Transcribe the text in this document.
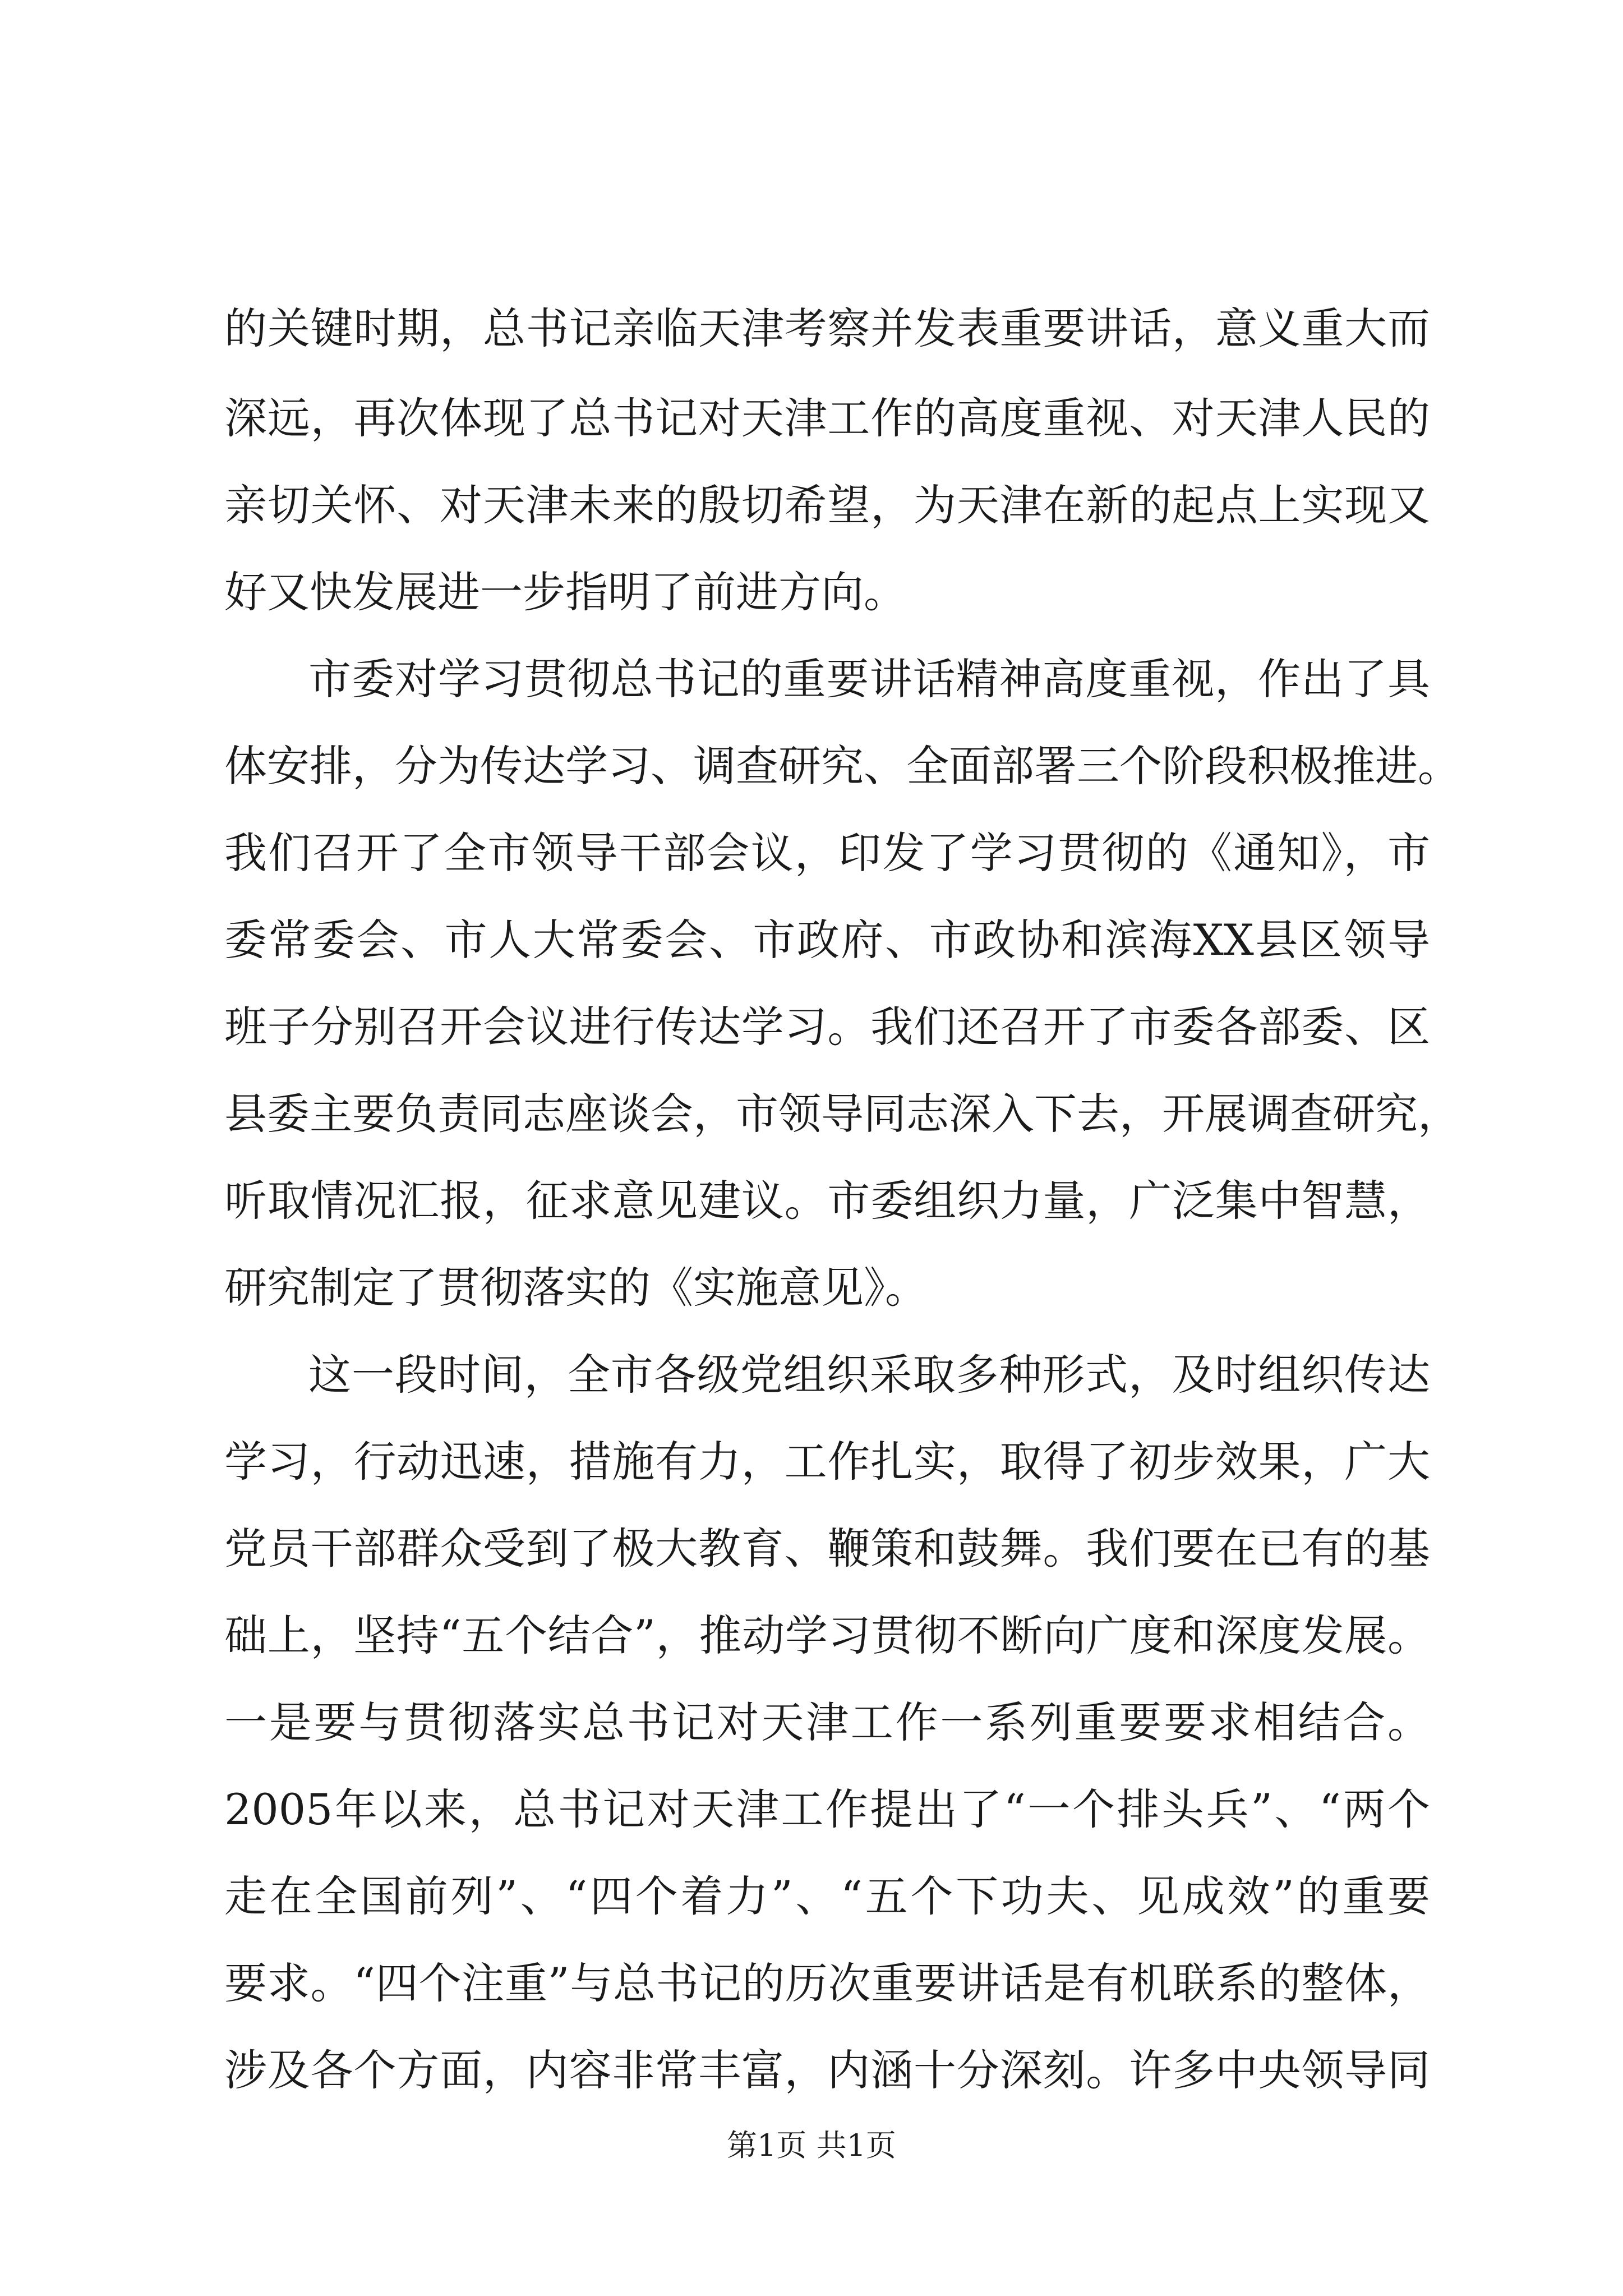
的关键时期，总书记亲临天津考察并发表重要讲话，意义重大而
深远，再次体现了总书记对天津工作的高度重视、对天津人民的
亲切关怀、对天津未来的殷切希望，为天津在新的起点上实现又
好又快发展进一步指明了前进方向。
市委对学习贯彻总书记的重要讲话精神高度重视，作出了具
体安排，分为传达学习、调查研究、全面部署三个阶段积极推进。
我们召开了全市领导干部会议，印发了学习贯彻的《通知》，市
委常委会、市人大常委会、市政府、市政协和滨海XX县区领导
班子分别召开会议进行传达学习。我们还召开了市委各部委、区
县委主要负责同志座谈会，市领导同志深入下去，开展调查研究，
听取情况汇报，征求意见建议。市委组织力量，广泛集中智慧，
研究制定了贯彻落实的《实施意见》。
这一段时间，全市各级党组织采取多种形式，及时组织传达
学习，行动迅速，措施有力，工作扎实，取得了初步效果，广大
党员干部群众受到了极大教育、鞭策和鼓舞。我们要在已有的基
础上，坚持“五个结合”，推动学习贯彻不断向广度和深度发展。
一是要与贯彻落实总书记对天津工作一系列重要要求相结合。
2005年以来，总书记对天津工作提出了“一个排头兵”、“两个
走在全国前列”、“四个着力”、“五个下功夫、见成效”的重要
要求。“四个注重”与总书记的历次重要讲话是有机联系的整体，
涉及各个方面，内容非常丰富，内涵十分深刻。许多中央领导同
第1页 共1页
